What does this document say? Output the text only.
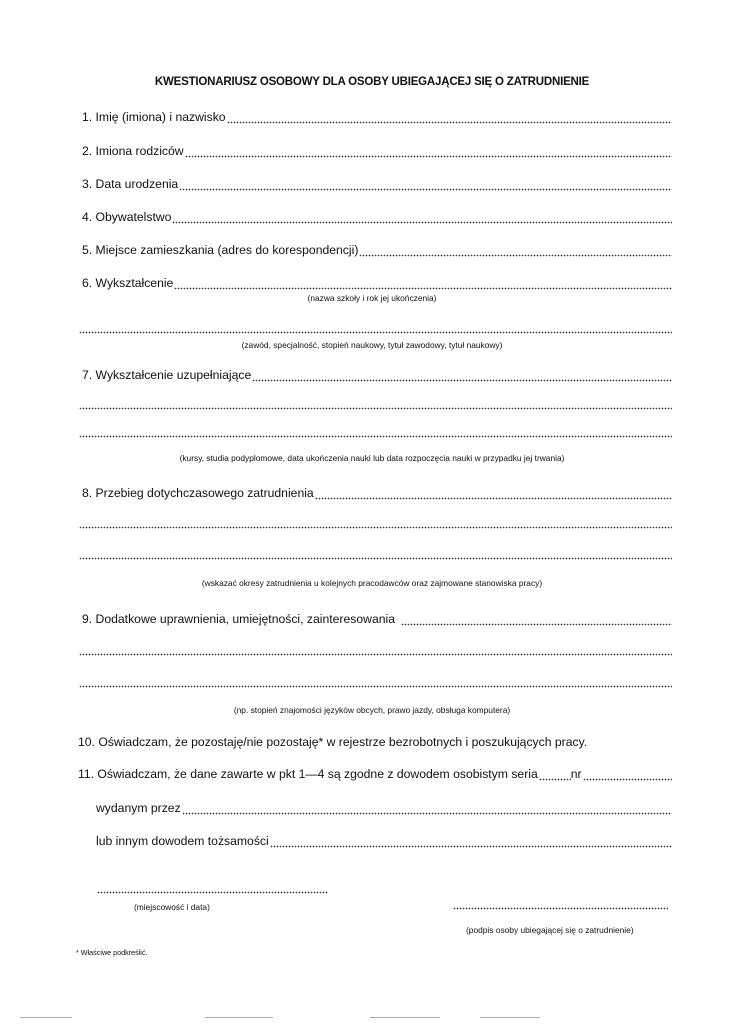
KWESTIONARIUSZ OSOBOWY DLA OSOBY UBIEGAJĄCEJ SIĘ O ZATRUDNIENIE
1. Imię (imiona) i nazwisko
2. Imiona rodziców
3. Data urodzenia
4. Obywatelstwo
5. Miejsce zamieszkania (adres do korespondencji)
6. Wykształcenie
(nazwa szkoły i rok jej ukończenia)
(zawód, specjalność, stopień naukowy, tytuł zawodowy, tytuł naukowy)
7. Wykształcenie uzupełniające
(kursy, studia podyplomowe, data ukończenia nauki lub data rozpoczęcia nauki w przypadku jej trwania)
8. Przebieg dotychczasowego zatrudnienia
(wskazać okresy zatrudnienia u kolejnych pracodawców oraz zajmowane stanowiska pracy)
9. Dodatkowe uprawnienia, umiejętności, zainteresowania
(np. stopień znajomości języków obcych, prawo jazdy, obsługa komputera)
10. Oświadczam, że pozostaję/nie pozostaję* w rejestrze bezrobotnych i poszukujących pracy.
11. Oświadczam, że dane zawarte w pkt 1—4 są zgodne z dowodem osobistym seria	nr
wydanym przez
lub innym dowodem tożsamości
(miejscowość i data)
(podpis osoby ubiegającej się o zatrudnienie)
* Właściwe podkreślić.
